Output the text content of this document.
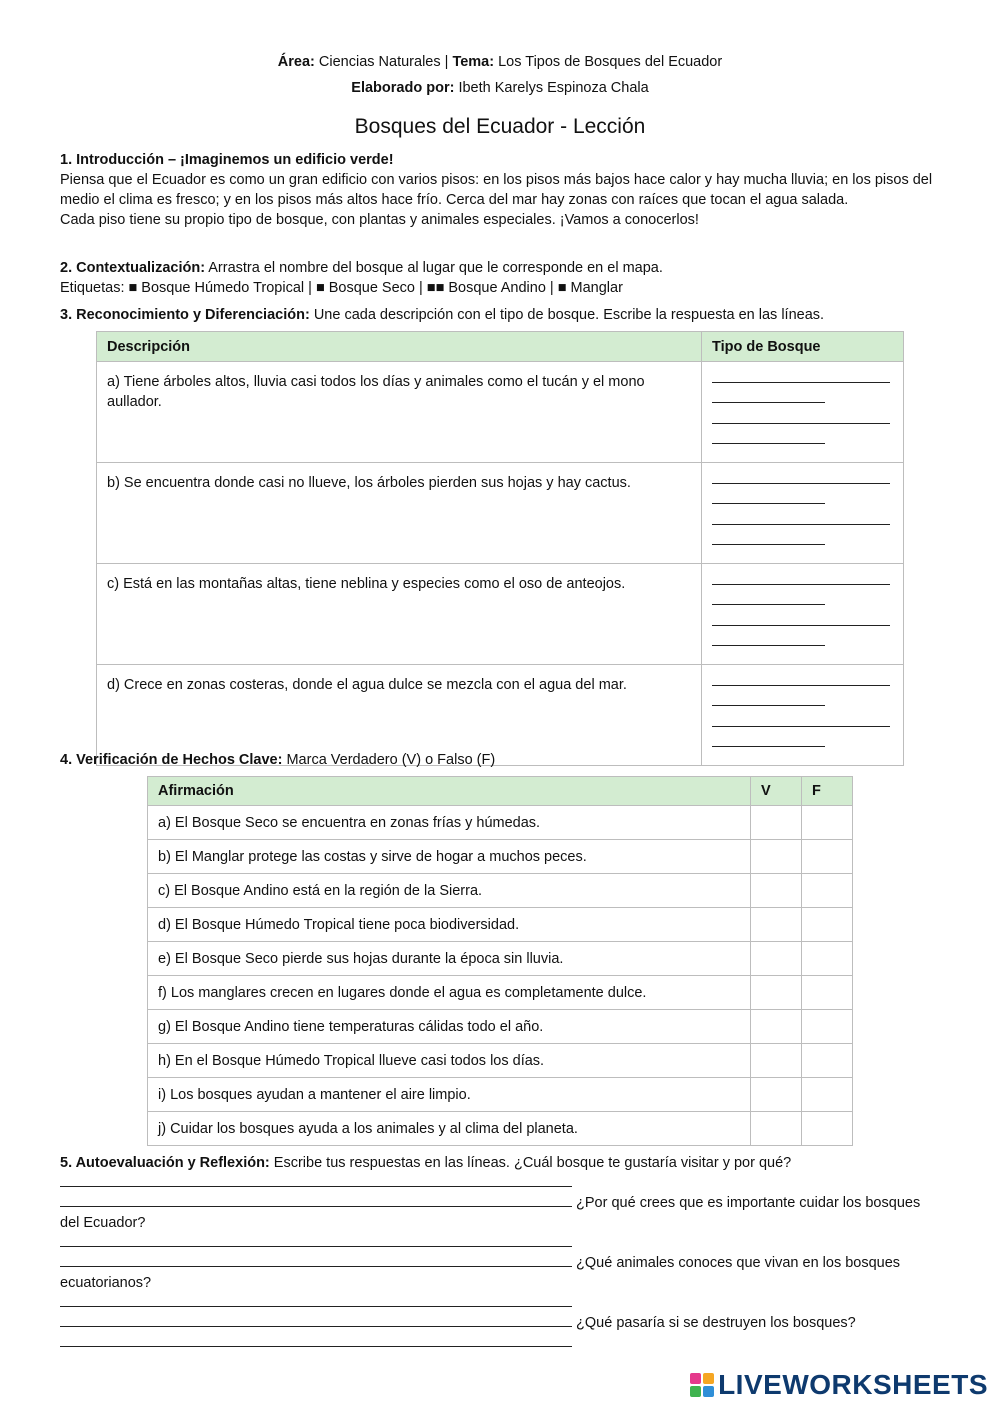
Área: Ciencias Naturales | Tema: Los Tipos de Bosques del Ecuador
Elaborado por: Ibeth Karelys Espinoza Chala
Bosques del Ecuador - Lección

1. Introducción – ¡Imaginemos un edificio verde!

Piensa que el Ecuador es como un gran edificio con varios pisos: en los pisos más bajos hace calor y hay mucha lluvia; en los pisos del medio el clima es fresco; y en los pisos más altos hace frío. Cerca del mar hay zonas con raíces que tocan el agua salada.

Cada piso tiene su propio tipo de bosque, con plantas y animales especiales. ¡Vamos a conocerlos!

2. Contextualización: Arrastra el nombre del bosque al lugar que le corresponde en el mapa.

Etiquetas: ■ Bosque Húmedo Tropical | ■ Bosque Seco | ■■ Bosque Andino | ■ Manglar

3. Reconocimiento y Diferenciación: Une cada descripción con el tipo de bosque. Escribe la respuesta en las líneas.

Descripción	Tipo de Bosque
a) Tiene árboles altos, lluvia casi todos los días y animales como el tucán y el mono aullador.	

b) Se encuentra donde casi no llueve, los árboles pierden sus hojas y hay cactus.	

c) Está en las montañas altas, tiene neblina y especies como el oso de anteojos.	

d) Crece en zonas costeras, donde el agua dulce se mezcla con el agua del mar.	

4. Verificación de Hechos Clave: Marca Verdadero (V) o Falso (F)

Afirmación	V	F
a) El Bosque Seco se encuentra en zonas frías y húmedas.		
b) El Manglar protege las costas y sirve de hogar a muchos peces.		
c) El Bosque Andino está en la región de la Sierra.		
d) El Bosque Húmedo Tropical tiene poca biodiversidad.		
e) El Bosque Seco pierde sus hojas durante la época sin lluvia.		
f) Los manglares crecen en lugares donde el agua es completamente dulce.		
g) El Bosque Andino tiene temperaturas cálidas todo el año.		
h) En el Bosque Húmedo Tropical llueve casi todos los días.		
i) Los bosques ayudan a mantener el aire limpio.		
j) Cuidar los bosques ayuda a los animales y al clima del planeta.		

5. Autoevaluación y Reflexión: Escribe tus respuestas en las líneas. ¿Cuál bosque te gustaría visitar y por qué?

¿Por qué crees que es importante cuidar los bosques del Ecuador?

¿Qué animales conoces que vivan en los bosques ecuatorianos?

¿Qué pasaría si se destruyen los bosques?

LIVEWORKSHEETS
